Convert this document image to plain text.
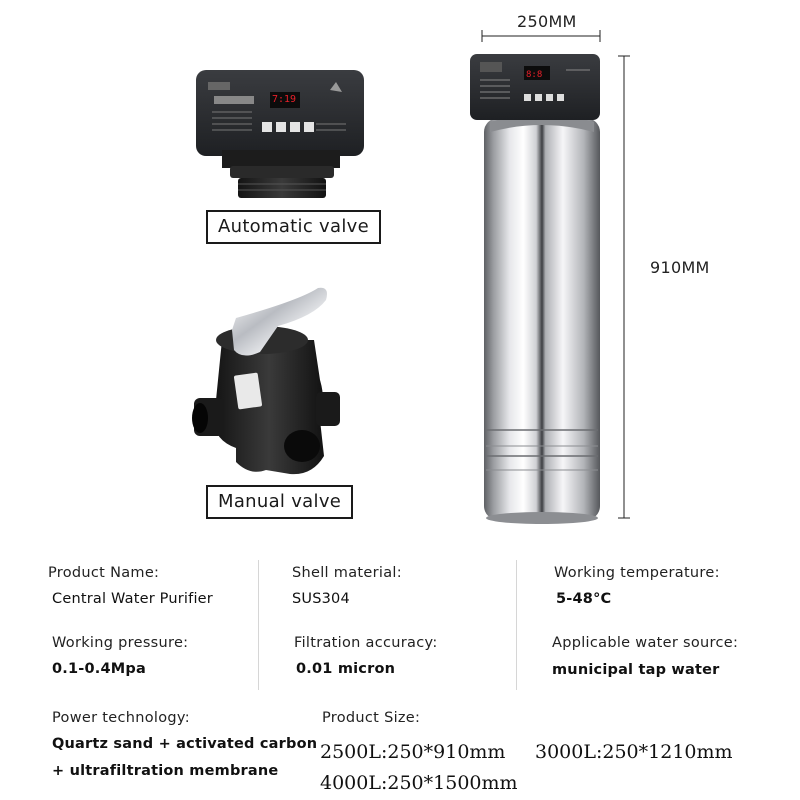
8:8
250MM
910MM
Automatic valve
Manual valve
7:19
Product Name:
Central Water Purifier
Shell material:
SUS304
Working temperature:
5-48°C
Working pressure:
0.1-0.4Mpa
Filtration accuracy:
0.01 micron
Applicable water source:
municipal tap water
Power technology:
Quartz sand + activated carbon
+ ultrafiltration membrane
Product Size:
2500L:250*910mm 3000L:250*1210mm
4000L:250*1500mm
